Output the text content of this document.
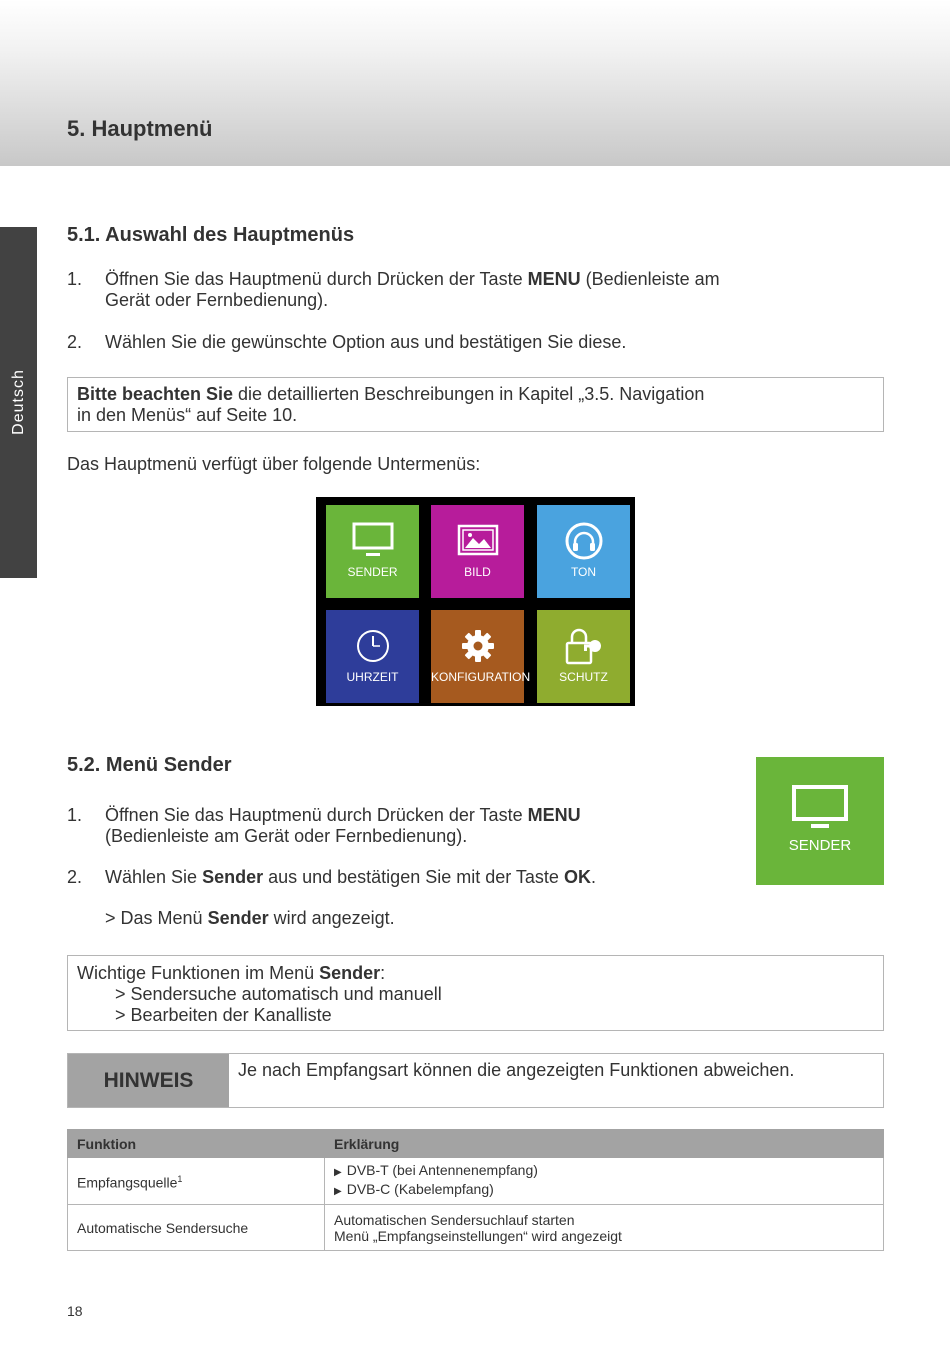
5. Hauptmenü
Deutsch
5.1. Auswahl des Hauptmenüs
1. Öffnen Sie das Hauptmenü durch Drücken der Taste MENU (Bedienleiste am
Gerät oder Fernbedienung).
2. Wählen Sie die gewünschte Option aus und bestätigen Sie diese.
Bitte beachten Sie die detaillierten Beschreibungen in Kapitel „3.5. Navigation
in den Menüs“ auf Seite 10.
Das Hauptmenü verfügt über folgende Untermenüs:
SENDER	BILD	TON
UHRZEIT	KONFIGURATION	SCHUTZ
5.2. Menü Sender
SENDER
1. Öffnen Sie das Hauptmenü durch Drücken der Taste MENU
(Bedienleiste am Gerät oder Fernbedienung).
2. Wählen Sie Sender aus und bestätigen Sie mit der Taste OK.
> Das Menü Sender wird angezeigt.
Wichtige Funktionen im Menü Sender:
> Sendersuche automatisch und manuell
> Bearbeiten der Kanalliste
HINWEIS	Je nach Empfangsart können die angezeigten Funktionen abweichen.
Funktion	Erklärung
Empfangsquelle$^1$	▶ DVB-T (bei Antennenempfang)
▶ DVB-C (Kabelempfang)

Automatische Sendersuche	Automatischen Sendersuchlauf starten
Menü „Empfangseinstellungen“ wird angezeigt
18
